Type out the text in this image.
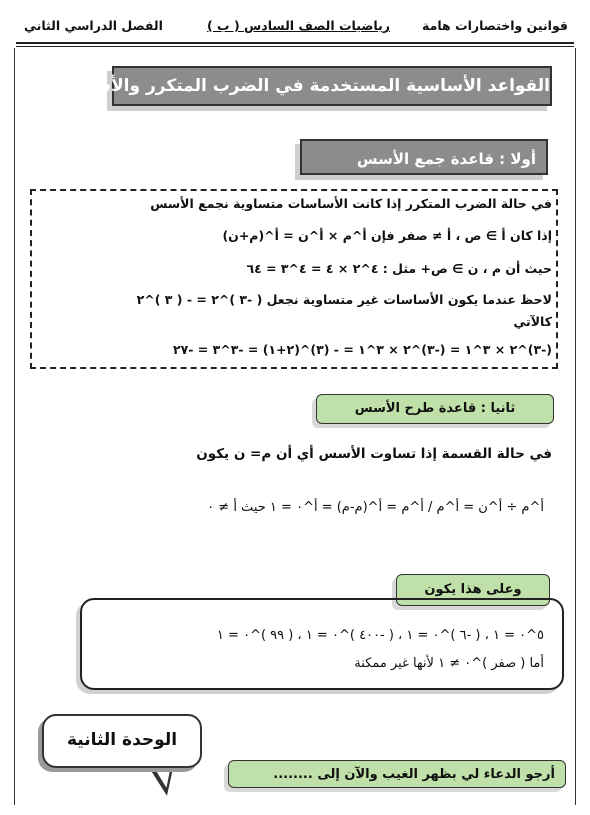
قوانين واختصارات هامة
رياضيات الصف السادس ( ب )
الفصل الدراسي الثاني
القواعد الأساسية المستخدمة في الضرب المتكرر والأس
أولا : قاعدة جمع الأسس
في حالة الضرب المتكرر إذا كانت الأساسات متساوية نجمع الأسس
إذا كان أ ∋ ص ، أ ≠ صفر فإن أ^م × أ^ن = أ^(م+ن)
حيث أن م ، ن ∋ ص+ مثل : ٤^٢ × ٤ = ٤^٣ = ٦٤
لاحظ عندما يكون الأساسات غير متساوية نجعل ( -٣ )^٢ = - ( ٣ )^٢
كالآتي
(-٣)^٢ × ٣^١ = (-٣)^٢ × ٣^١ = - (٣)^(٢+١) = -٣^٣ = -٢٧
ثانيا : قاعدة طرح الأسس
في حالة القسمة إذا تساوت الأسس أي أن م= ن يكون
أ^م ÷ أ^ن = أ^م / أ^م = أ^(م-م) = أ^٠ = ١ حيث أ ≠ ٠
وعلى هذا يكون
٥^٠ = ١ ، ( -٦ )^٠ = ١ ، ( -٤٠٠ )^٠ = ١ ، ( ٩٩ )^٠ = ١
أما ( صفر )^٠ ≠ ١ لأنها غير ممكنة
الوحدة الثانية
أرجو الدعاء لي بظهر الغيب والآن إلى ........
